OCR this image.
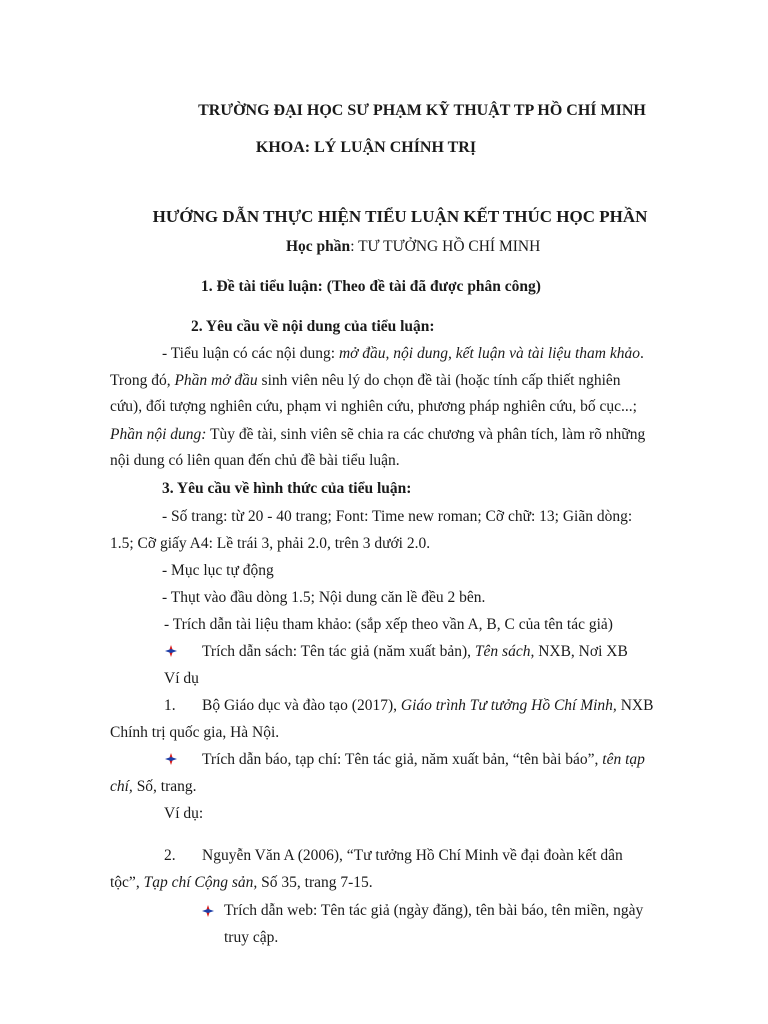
TRƯỜNG ĐẠI HỌC SƯ PHẠM KỸ THUẬT TP HỒ CHÍ MINH
KHOA: LÝ LUẬN CHÍNH TRỊ
HƯỚNG DẪN THỰC HIỆN TIỂU LUẬN KẾT THÚC HỌC PHẦN
Học phần: TƯ TƯỞNG HỒ CHÍ MINH
1. Đề tài tiểu luận: (Theo đề tài đã được phân công)
2. Yêu cầu về nội dung của tiểu luận:
- Tiểu luận có các nội dung: mở đầu, nội dung, kết luận và tài liệu tham khảo.
Trong đó, Phần mở đầu sinh viên nêu lý do chọn đề tài (hoặc tính cấp thiết nghiên
cứu), đối tượng nghiên cứu, phạm vi nghiên cứu, phương pháp nghiên cứu, bố cục...;
Phần nội dung: Tùy đề tài, sinh viên sẽ chia ra các chương và phân tích, làm rõ những
nội dung có liên quan đến chủ đề bài tiểu luận.
3. Yêu cầu về hình thức của tiểu luận:
- Số trang: từ 20 - 40 trang; Font: Time new roman; Cỡ chữ: 13; Giãn dòng:
1.5; Cỡ giấy A4: Lề trái 3, phải 2.0, trên 3 dưới 2.0.
- Mục lục tự động
- Thụt vào đầu dòng 1.5; Nội dung căn lề đều 2 bên.
- Trích dẫn tài liệu tham khảo: (sắp xếp theo vần A, B, C của tên tác giả)
Trích dẫn sách: Tên tác giả (năm xuất bản), Tên sách, NXB, Nơi XB
Ví dụ
1. Bộ Giáo dục và đào tạo (2017), Giáo trình Tư tưởng Hồ Chí Minh, NXB
Chính trị quốc gia, Hà Nội.
Trích dẫn báo, tạp chí: Tên tác giả, năm xuất bản, “tên bài báo”, tên tạp
chí, Số, trang.
Ví dụ:
2. Nguyễn Văn A (2006), “Tư tưởng Hồ Chí Minh về đại đoàn kết dân
tộc”, Tạp chí Cộng sản, Số 35, trang 7-15.
Trích dẫn web: Tên tác giả (ngày đăng), tên bài báo, tên miền, ngày
truy cập.
